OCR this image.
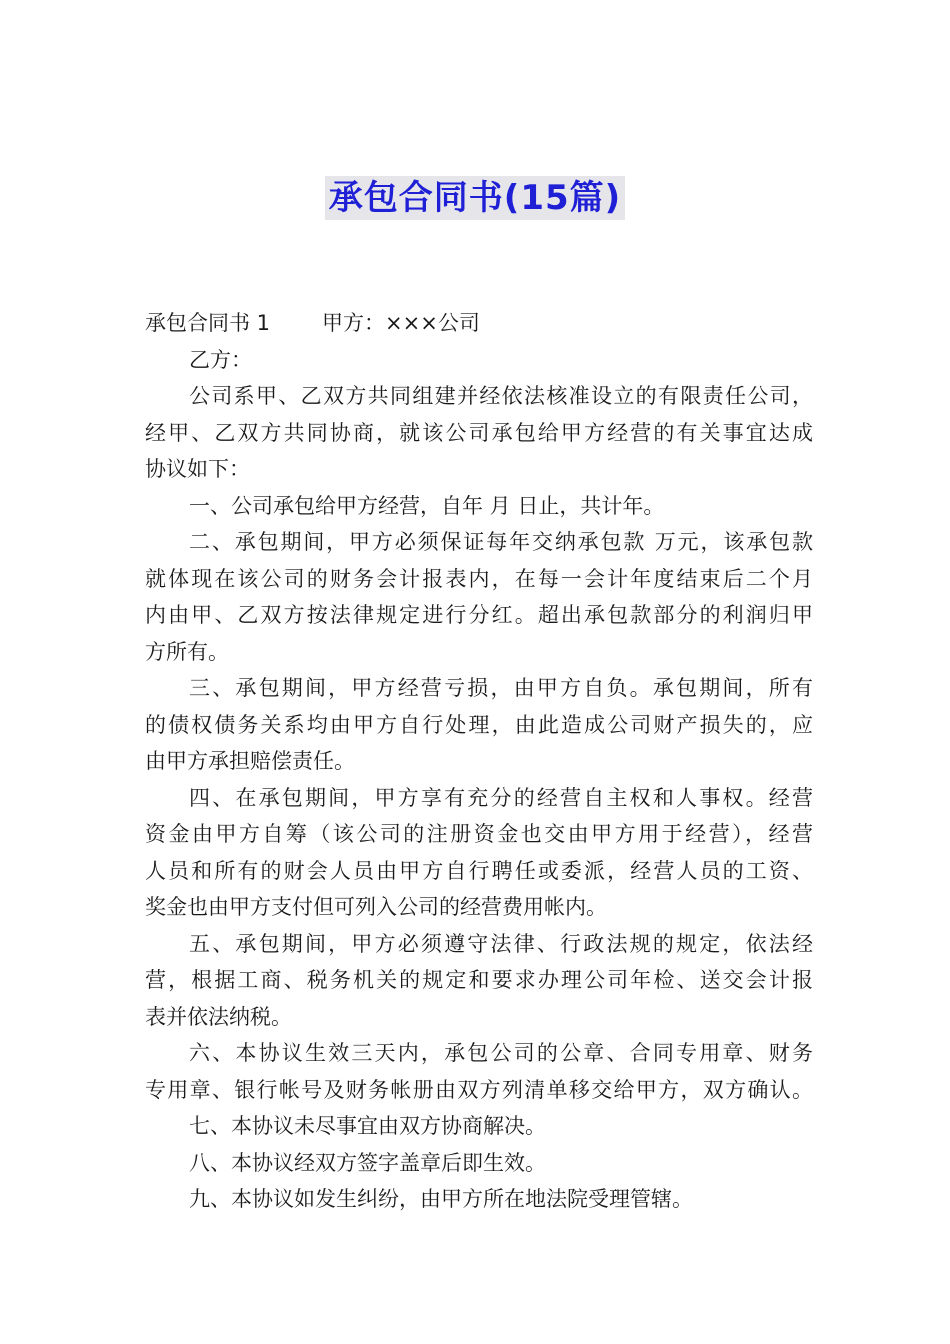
承包合同书(15篇)
承包合同书 1 甲方：×××公司
乙方：
公司系甲、乙双方共同组建并经依法核准设立的有限责任公司，
经甲、乙双方共同协商，就该公司承包给甲方经营的有关事宜达成
协议如下：
一、公司承包给甲方经营，自年 月 日止，共计年。
二、承包期间，甲方必须保证每年交纳承包款 万元，该承包款
就体现在该公司的财务会计报表内，在每一会计年度结束后二个月
内由甲、乙双方按法律规定进行分红。超出承包款部分的利润归甲
方所有。
三、承包期间，甲方经营亏损，由甲方自负。承包期间，所有
的债权债务关系均由甲方自行处理，由此造成公司财产损失的，应
由甲方承担赔偿责任。
四、在承包期间，甲方享有充分的经营自主权和人事权。经营
资金由甲方自筹（该公司的注册资金也交由甲方用于经营），经营
人员和所有的财会人员由甲方自行聘任或委派，经营人员的工资、
奖金也由甲方支付但可列入公司的经营费用帐内。
五、承包期间，甲方必须遵守法律、行政法规的规定，依法经
营，根据工商、税务机关的规定和要求办理公司年检、送交会计报
表并依法纳税。
六、本协议生效三天内，承包公司的公章、合同专用章、财务
专用章、银行帐号及财务帐册由双方列清单移交给甲方，双方确认。
七、本协议未尽事宜由双方协商解决。
八、本协议经双方签字盖章后即生效。
九、本协议如发生纠纷，由甲方所在地法院受理管辖。
